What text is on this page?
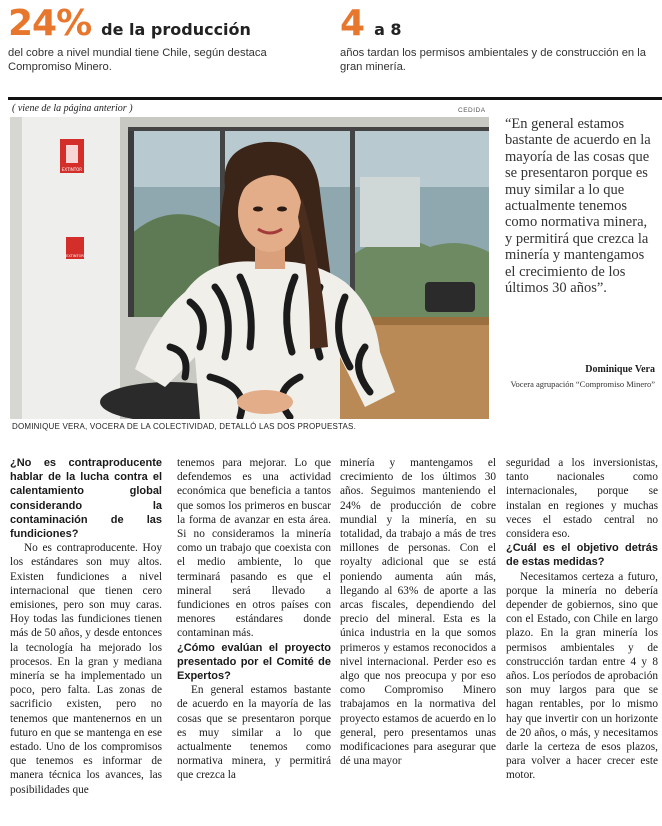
24% de la producción
del cobre a nivel mundial tiene Chile, según destaca Compromiso Minero.
4 a 8
años tardan los permisos ambientales y de construcción en la gran minería.
( viene de la página anterior )	CEDIDA
EXTINTOR
EXTINTOR
DOMINIQUE VERA, VOCERA DE LA COLECTIVIDAD, DETALLÓ LAS DOS PROPUESTAS.
“En general estamos bastante de acuerdo en la mayoría de las cosas que se presentaron porque es muy similar a lo que actualmente tenemos como normativa minera, y permitirá que crezca la minería y mantengamos el crecimiento de los últimos 30 años”.
Dominique Vera
Vocera agrupación “Compromiso Minero”

¿No es contraproducente hablar de la lucha contra el calentamiento global considerando la contaminación de las fundiciones?

No es contraproducente. Hoy los estándares son muy altos. Existen fundiciones a nivel internacional que tienen cero emisiones, pero son muy caras. Hoy todas las fundiciones tienen más de 50 años, y desde entonces la tecnología ha mejorado los procesos. En la gran y mediana minería se ha implementado un poco, pero falta. Las zonas de sacrificio existen, pero no tenemos que mantenernos en un futuro en que se mantenga en ese estado. Uno de los compromisos que tenemos es informar de manera técnica los avances, las posibilidades que

tenemos para mejorar. Lo que defendemos es una actividad económica que beneficia a tantos que somos los primeros en buscar la forma de avanzar en esta área. Si no consideramos la minería como un trabajo que coexista con el medio ambiente, lo que terminará pasando es que el mineral será llevado a fundiciones en otros países con menores estándares donde contaminan más.

¿Cómo evalúan el proyecto presentado por el Comité de Expertos?

En general estamos bastante de acuerdo en la mayoría de las cosas que se presentaron porque es muy similar a lo que actualmente tenemos como normativa minera, y permitirá que crezca la

minería y mantengamos el crecimiento de los últimos 30 años. Seguimos manteniendo el 24% de producción de cobre mundial y la minería, en su totalidad, da trabajo a más de tres millones de personas. Con el royalty adicional que se está poniendo aumenta aún más, llegando al 63% de aporte a las arcas fiscales, dependiendo del precio del mineral. Esta es la única industria en la que somos primeros y estamos reconocidos a nivel internacional. Perder eso es algo que nos preocupa y por eso como Compromiso Minero trabajamos en la normativa del proyecto estamos de acuerdo en lo general, pero presentamos unas modificaciones para asegurar que dé una mayor

seguridad a los inversionistas, tanto nacionales como internacionales, porque se instalan en regiones y muchas veces el estado central no considera eso.

¿Cuál es el objetivo detrás de estas medidas?

Necesitamos certeza a futuro, porque la minería no debería depender de gobiernos, sino que con el Estado, con Chile en largo plazo. En la gran minería los permisos ambientales y de construcción tardan entre 4 y 8 años. Los períodos de aprobación son muy largos para que se hagan rentables, por lo mismo hay que invertir con un horizonte de 20 años, o más, y necesitamos darle la certeza de esos plazos, para volver a hacer crecer este motor.
